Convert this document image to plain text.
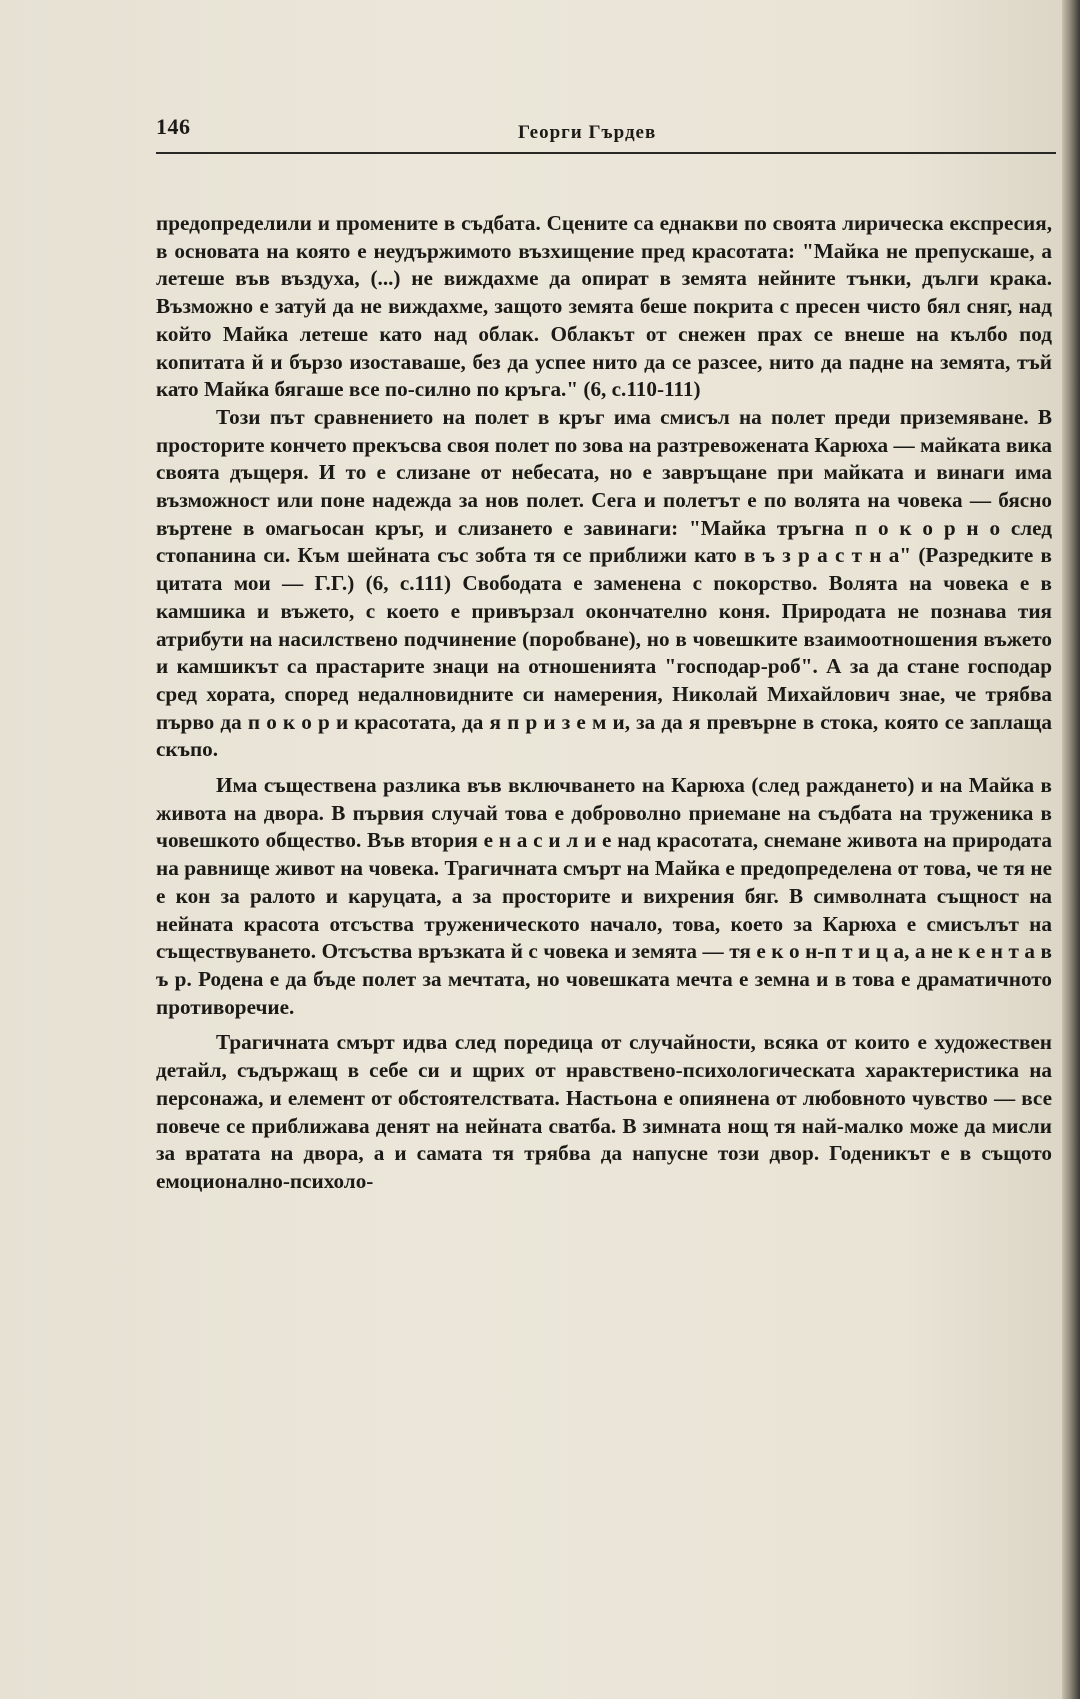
146	Георги Гърдев

предопределили и промените в съдбата. Сцените са еднакви по своята лирическа експресия, в основата на която е неудържимото възхищение пред красотата: "Майка не препускаше, а летеше във въздуха, (...) не виждахме да опират в земята нейните тънки, дълги крака. Възможно е затуй да не виждахме, защото земята беше покрита с пресен чисто бял сняг, над който Майка летеше като над облак. Облакът от снежен прах се внеше на кълбо под копитата й и бързо изоставаше, без да успее нито да се разсее, нито да падне на земята, тъй като Майка бягаше все по-силно по кръга." (6, с.110-111)

Този път сравнението на полет в кръг има смисъл на полет преди приземяване. В просторите кончето прекъсва своя полет по зова на разтревожената Карюха — майката вика своята дъщеря. И то е слизане от небесата, но е завръщане при майката и винаги има възможност или поне надежда за нов полет. Сега и полетът е по волята на човека — бясно въртене в омагьосан кръг, и слизането е завинаги: "Майка тръгна п о к о р н о след стопанина си. Към шейната със зобта тя се приближи като в ъ з р а с т н а" (Разредките в цитата мои — Г.Г.) (6, с.111) Свободата е заменена с покорство. Волята на човека е в камшика и въжето, с което е привързал окончателно коня. Природата не познава тия атрибути на насилствено подчинение (поробване), но в човешките взаимоотношения въжето и камшикът са прастарите знаци на отношенията "господар-роб". А за да стане господар сред хората, според недалновидните си намерения, Николай Михайлович знае, че трябва първо да п о к о р и красотата, да я п р и з е м и, за да я превърне в стока, която се заплаща скъпо.

Има съществена разлика във включването на Карюха (след раждането) и на Майка в живота на двора. В първия случай това е доброволно приемане на съдбата на труженика в човешкото общество. Във втория е н а с и л и е над красотата, снемане живота на природата на равнище живот на човека. Трагичната смърт на Майка е предопределена от това, че тя не е кон за ралото и каруцата, а за просторите и вихрения бяг. В символната същност на нейната красота отсъства труженическото начало, това, което за Карюха е смисълът на съществуването. Отсъства връзката й с човека и земята — тя е к о н-п т и ц а, а не к е н т а в ъ р. Родена е да бъде полет за мечтата, но човешката мечта е земна и в това е драматичното противоречие.

Трагичната смърт идва след поредица от случайности, всяка от които е художествен детайл, съдържащ в себе си и щрих от нравствено-психологическата характеристика на персонажа, и елемент от обстоятелствата. Настьона е опиянена от любовното чувство — все повече се приближава денят на нейната сватба. В зимната нощ тя най-малко може да мисли за вратата на двора, а и самата тя трябва да напусне този двор. Годеникът е в същото емоционално-психоло-
